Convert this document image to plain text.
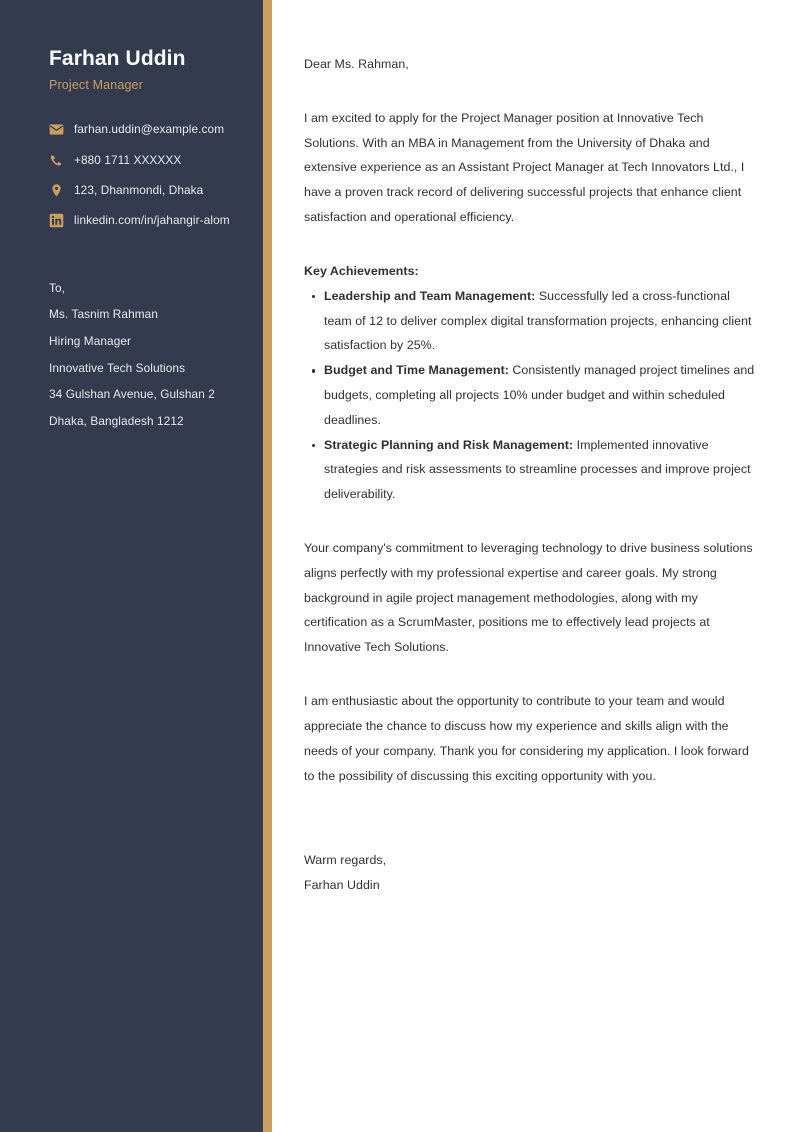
Farhan Uddin

Project Manager

farhan.uddin@example.com
+880 1711 XXXXXX
123, Dhanmondi, Dhaka
linkedin.com/in/jahangir-alom
To,
Ms. Tasnim Rahman
Hiring Manager
Innovative Tech Solutions
34 Gulshan Avenue, Gulshan 2
Dhaka, Bangladesh 1212

Dear Ms. Rahman,

I am excited to apply for the Project Manager position at Innovative Tech Solutions. With an MBA in Management from the University of Dhaka and extensive experience as an Assistant Project Manager at Tech Innovators Ltd., I have a proven track record of delivering successful projects that enhance client satisfaction and operational efficiency.

Key Achievements:

Leadership and Team Management: Successfully led a cross-functional team of 12 to deliver complex digital transformation projects, enhancing client satisfaction by 25%.
Budget and Time Management: Consistently managed project timelines and budgets, completing all projects 10% under budget and within scheduled deadlines.
Strategic Planning and Risk Management: Implemented innovative strategies and risk assessments to streamline processes and improve project deliverability.

Your company's commitment to leveraging technology to drive business solutions aligns perfectly with my professional expertise and career goals. My strong background in agile project management methodologies, along with my certification as a ScrumMaster, positions me to effectively lead projects at Innovative Tech Solutions.

I am enthusiastic about the opportunity to contribute to your team and would appreciate the chance to discuss how my experience and skills align with the needs of your company. Thank you for considering my application. I look forward to the possibility of discussing this exciting opportunity with you.

Warm regards,
Farhan Uddin
